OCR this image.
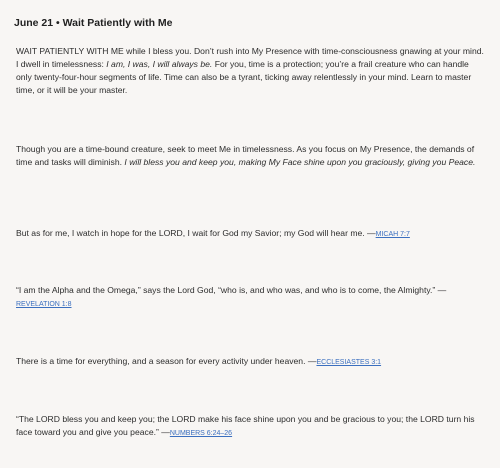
June 21 • Wait Patiently with Me

WAIT PATIENTLY WITH ME while I bless you. Don’t rush into My Presence with time-consciousness gnawing at your mind. I dwell in timelessness: I am, I was, I will always be. For you, time is a protection; you’re a frail creature who can handle only twenty-four-hour segments of life. Time can also be a tyrant, ticking away relentlessly in your mind. Learn to master time, or it will be your master.

Though you are a time-bound creature, seek to meet Me in timelessness. As you focus on My Presence, the demands of time and tasks will diminish. I will bless you and keep you, making My Face shine upon you graciously, giving you Peace.

But as for me, I watch in hope for the LORD, I wait for God my Savior; my God will hear me. —MICAH 7:7

“I am the Alpha and the Omega,” says the Lord God, “who is, and who was, and who is to come, the Almighty.” —REVELATION 1:8

There is a time for everything, and a season for every activity under heaven. —ECCLESIASTES 3:1

“The LORD bless you and keep you; the LORD make his face shine upon you and be gracious to you; the LORD turn his face toward you and give you peace.” —NUMBERS 6:24–26
